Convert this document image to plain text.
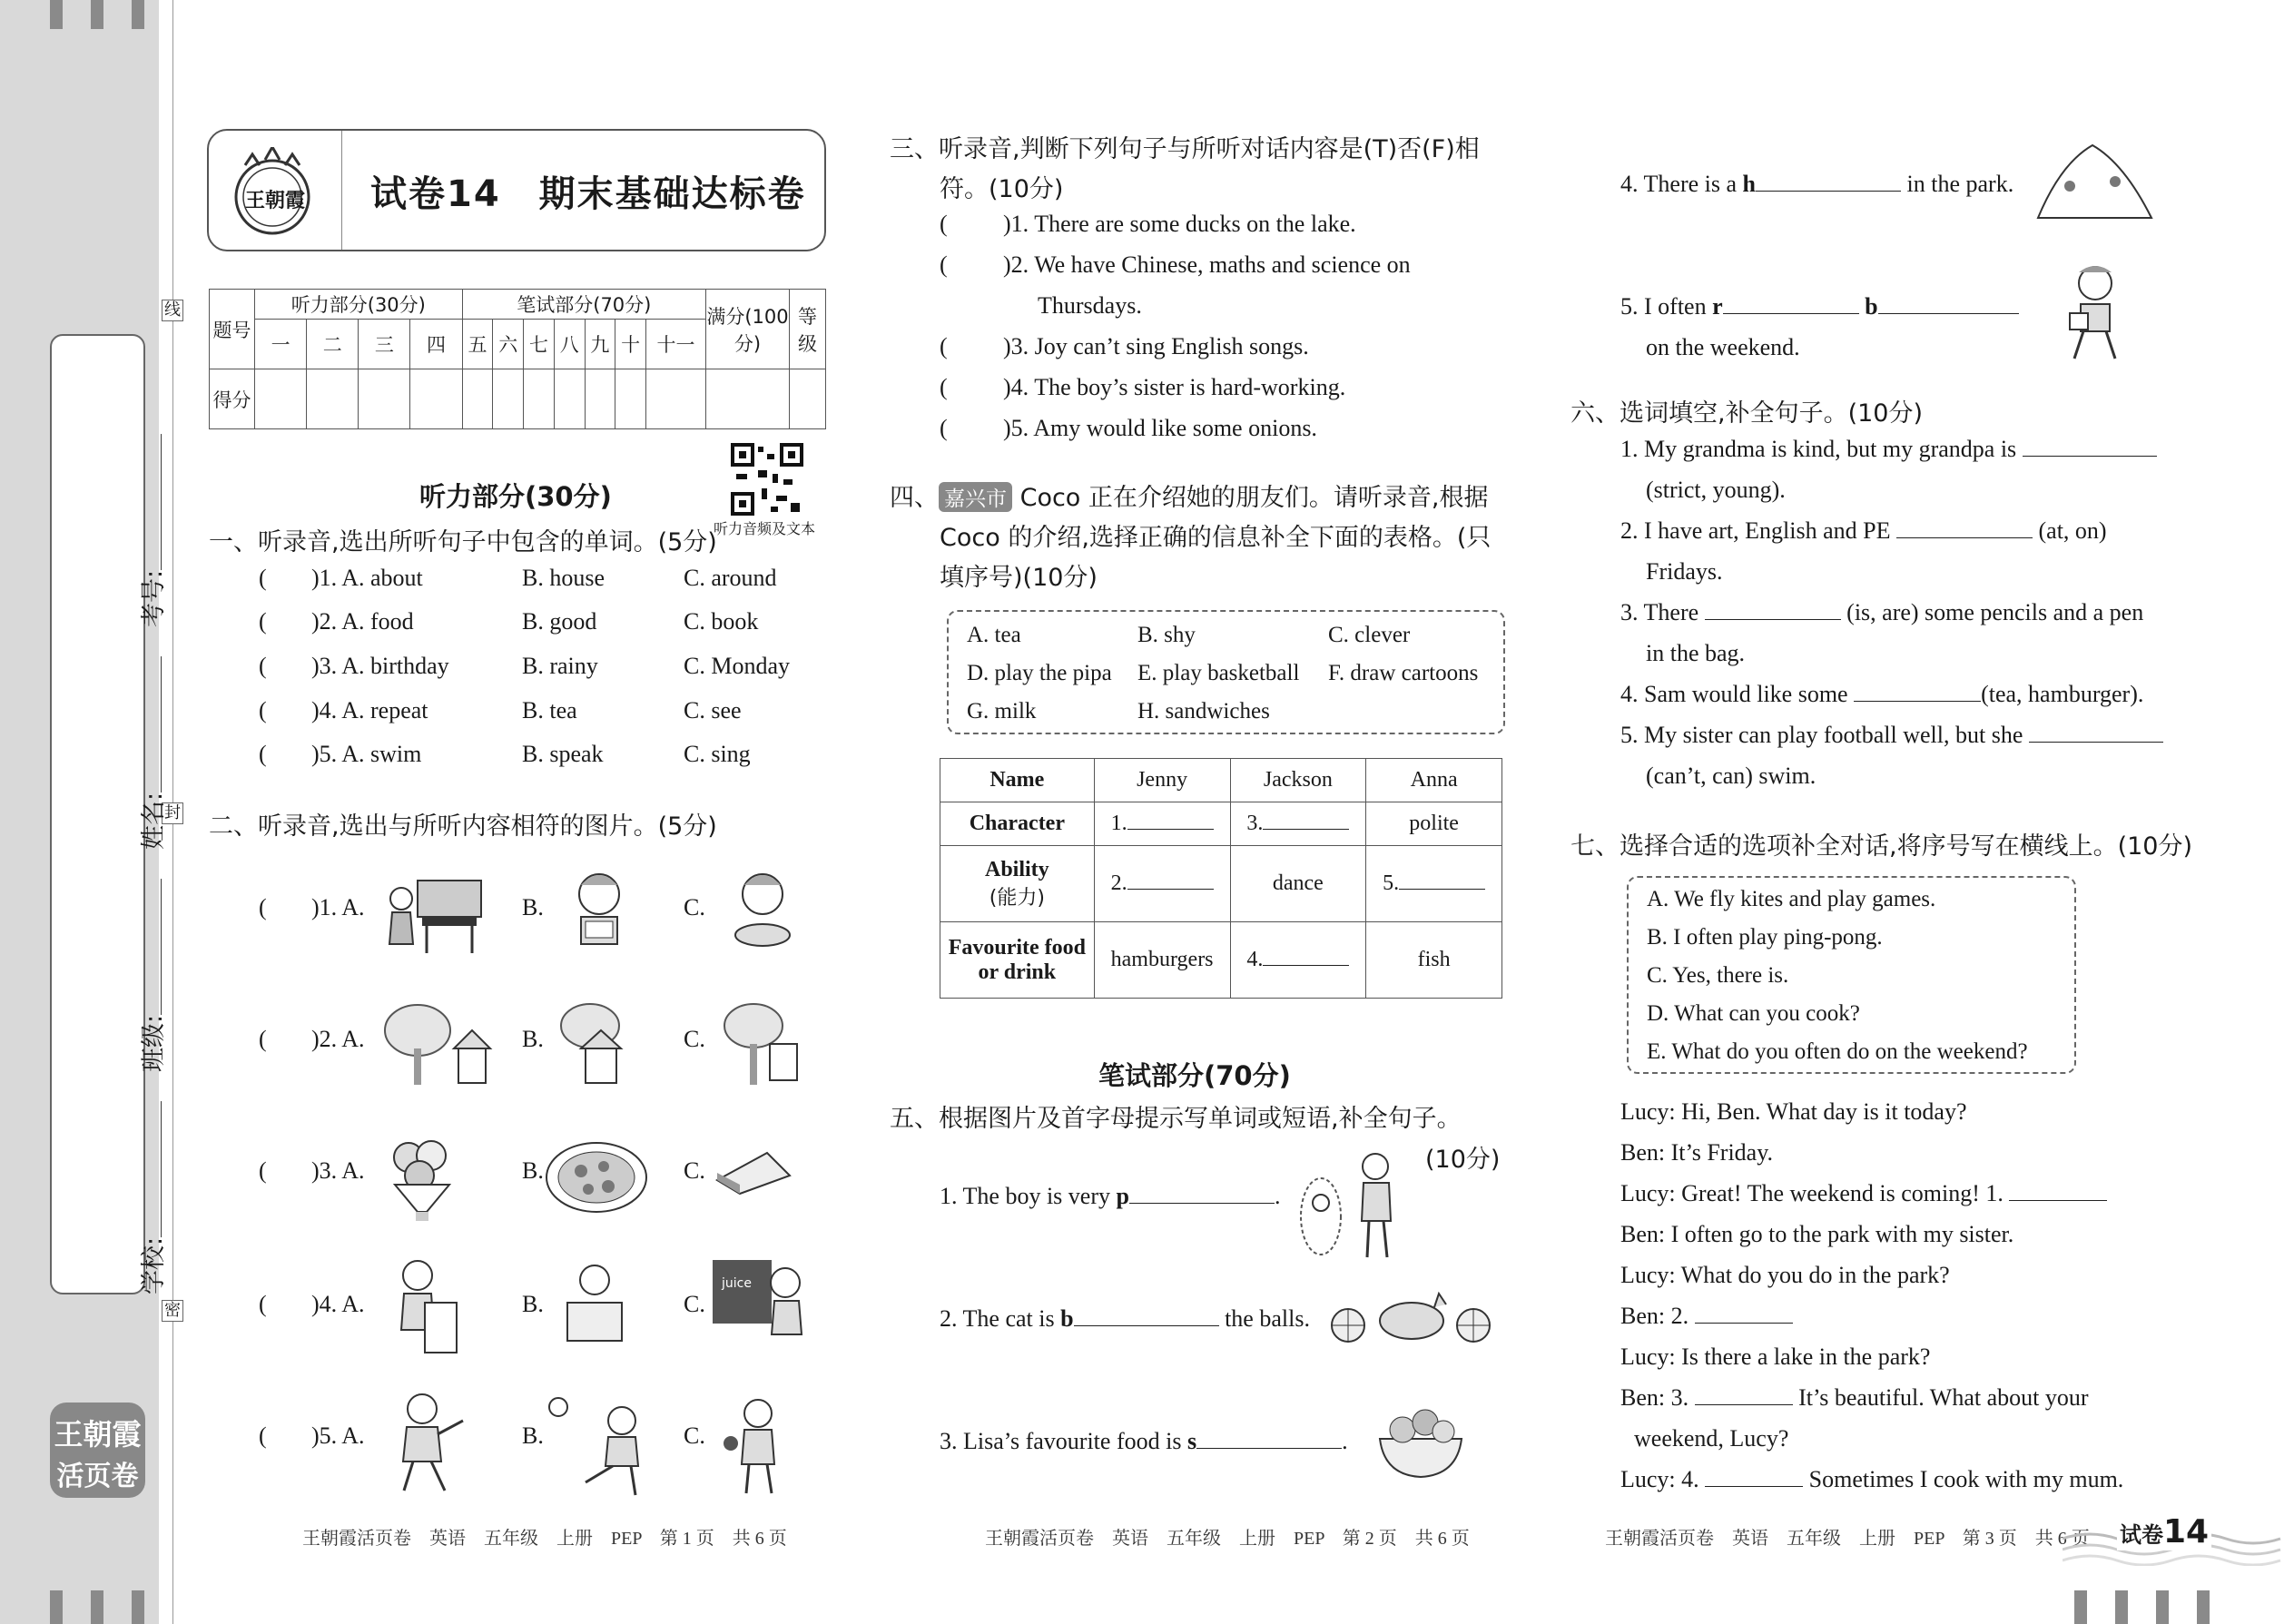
线
封
密
考号:
姓名:
班级:
学校:
王朝霞
活页卷
王朝霞 试卷14　期末基础达标卷
题号	听力部分(30分)				笔试部分(70分)							满分(100分)	等级
	一	二	三	四	五	六	七	八	九	十	十一		
得分													
听力音频及文本
听力部分(30分)
一、听录音,选出所听句子中包含的单词。(5分)
( )1. A. about	B. house	C. around
( )2. A. food	B. good	C. book
( )3. A. birthday	B. rainy	C. Monday
( )4. A. repeat	B. tea	C. see
( )5. A. swim	B. speak	C. sing
二、听录音,选出与所听内容相符的图片。(5分)
( )1. A.	B.	C.
( )2. A.	B.	C.
( )3. A.	B.	C.
( )4. A.	B.	C.
( )5. A.	B.	C.
juice
王朝霞活页卷　英语　五年级　上册　PEP　第 1 页　共 6 页
三、听录音,判断下列句子与所听对话内容是(T)否(F)相
符。(10分)
( )1. There are some ducks on the lake.
( )2. We have Chinese, maths and science on
Thursdays.
( )3. Joy can’t sing English songs.
( )4. The boy’s sister is hard-working.
( )5. Amy would like some onions.
四、 嘉兴市 Coco 正在介绍她的朋友们。请听录音,根据
Coco 的介绍,选择正确的信息补全下面的表格。(只
填序号)(10分)
A. tea	B. shy	C. clever
D. play the pipa E. play basketball F. draw cartoons
G. milk	H. sandwiches
Name	Jenny	Jackson	Anna
Character	1.	3.	polite

Ability
(能力)	2.	dance	5.

Favourite food
or drink	hamburgers	4.	fish
笔试部分(70分)
五、根据图片及首字母提示写单词或短语,补全句子。
(10分)
1. The boy is very p	.
2. The cat is b	the balls.
3. Lisa’s favourite food is s	.
王朝霞活页卷　英语　五年级　上册　PEP　第 2 页　共 6 页
4. There is a h	in the park.
5. I often r	b
on the weekend.
六、选词填空,补全句子。(10分)
1. My grandma is kind, but my grandpa is
(strict, young).
2. I have art, English and PE	(at, on)
Fridays.
3. There	(is, are) some pencils and a pen
in the bag.
4. Sam would like some	(tea, hamburger).
5. My sister can play football well, but she
(can’t, can) swim.
七、选择合适的选项补全对话,将序号写在横线上。(10分)
A. We fly kites and play games.
B. I often play ping-pong.
C. Yes, there is.
D. What can you cook?
E. What do you often do on the weekend?
Lucy: Hi, Ben. What day is it today?
Ben: It’s Friday.
Lucy: Great! The weekend is coming! 1.
Ben: I often go to the park with my sister.
Lucy: What do you do in the park?
Ben: 2.
Lucy: Is there a lake in the park?
Ben: 3.	It’s beautiful. What about your
weekend, Lucy?
Lucy: 4.	Sometimes I cook with my mum.
王朝霞活页卷　英语　五年级　上册　PEP　第 3 页　共 6 页 试卷14
